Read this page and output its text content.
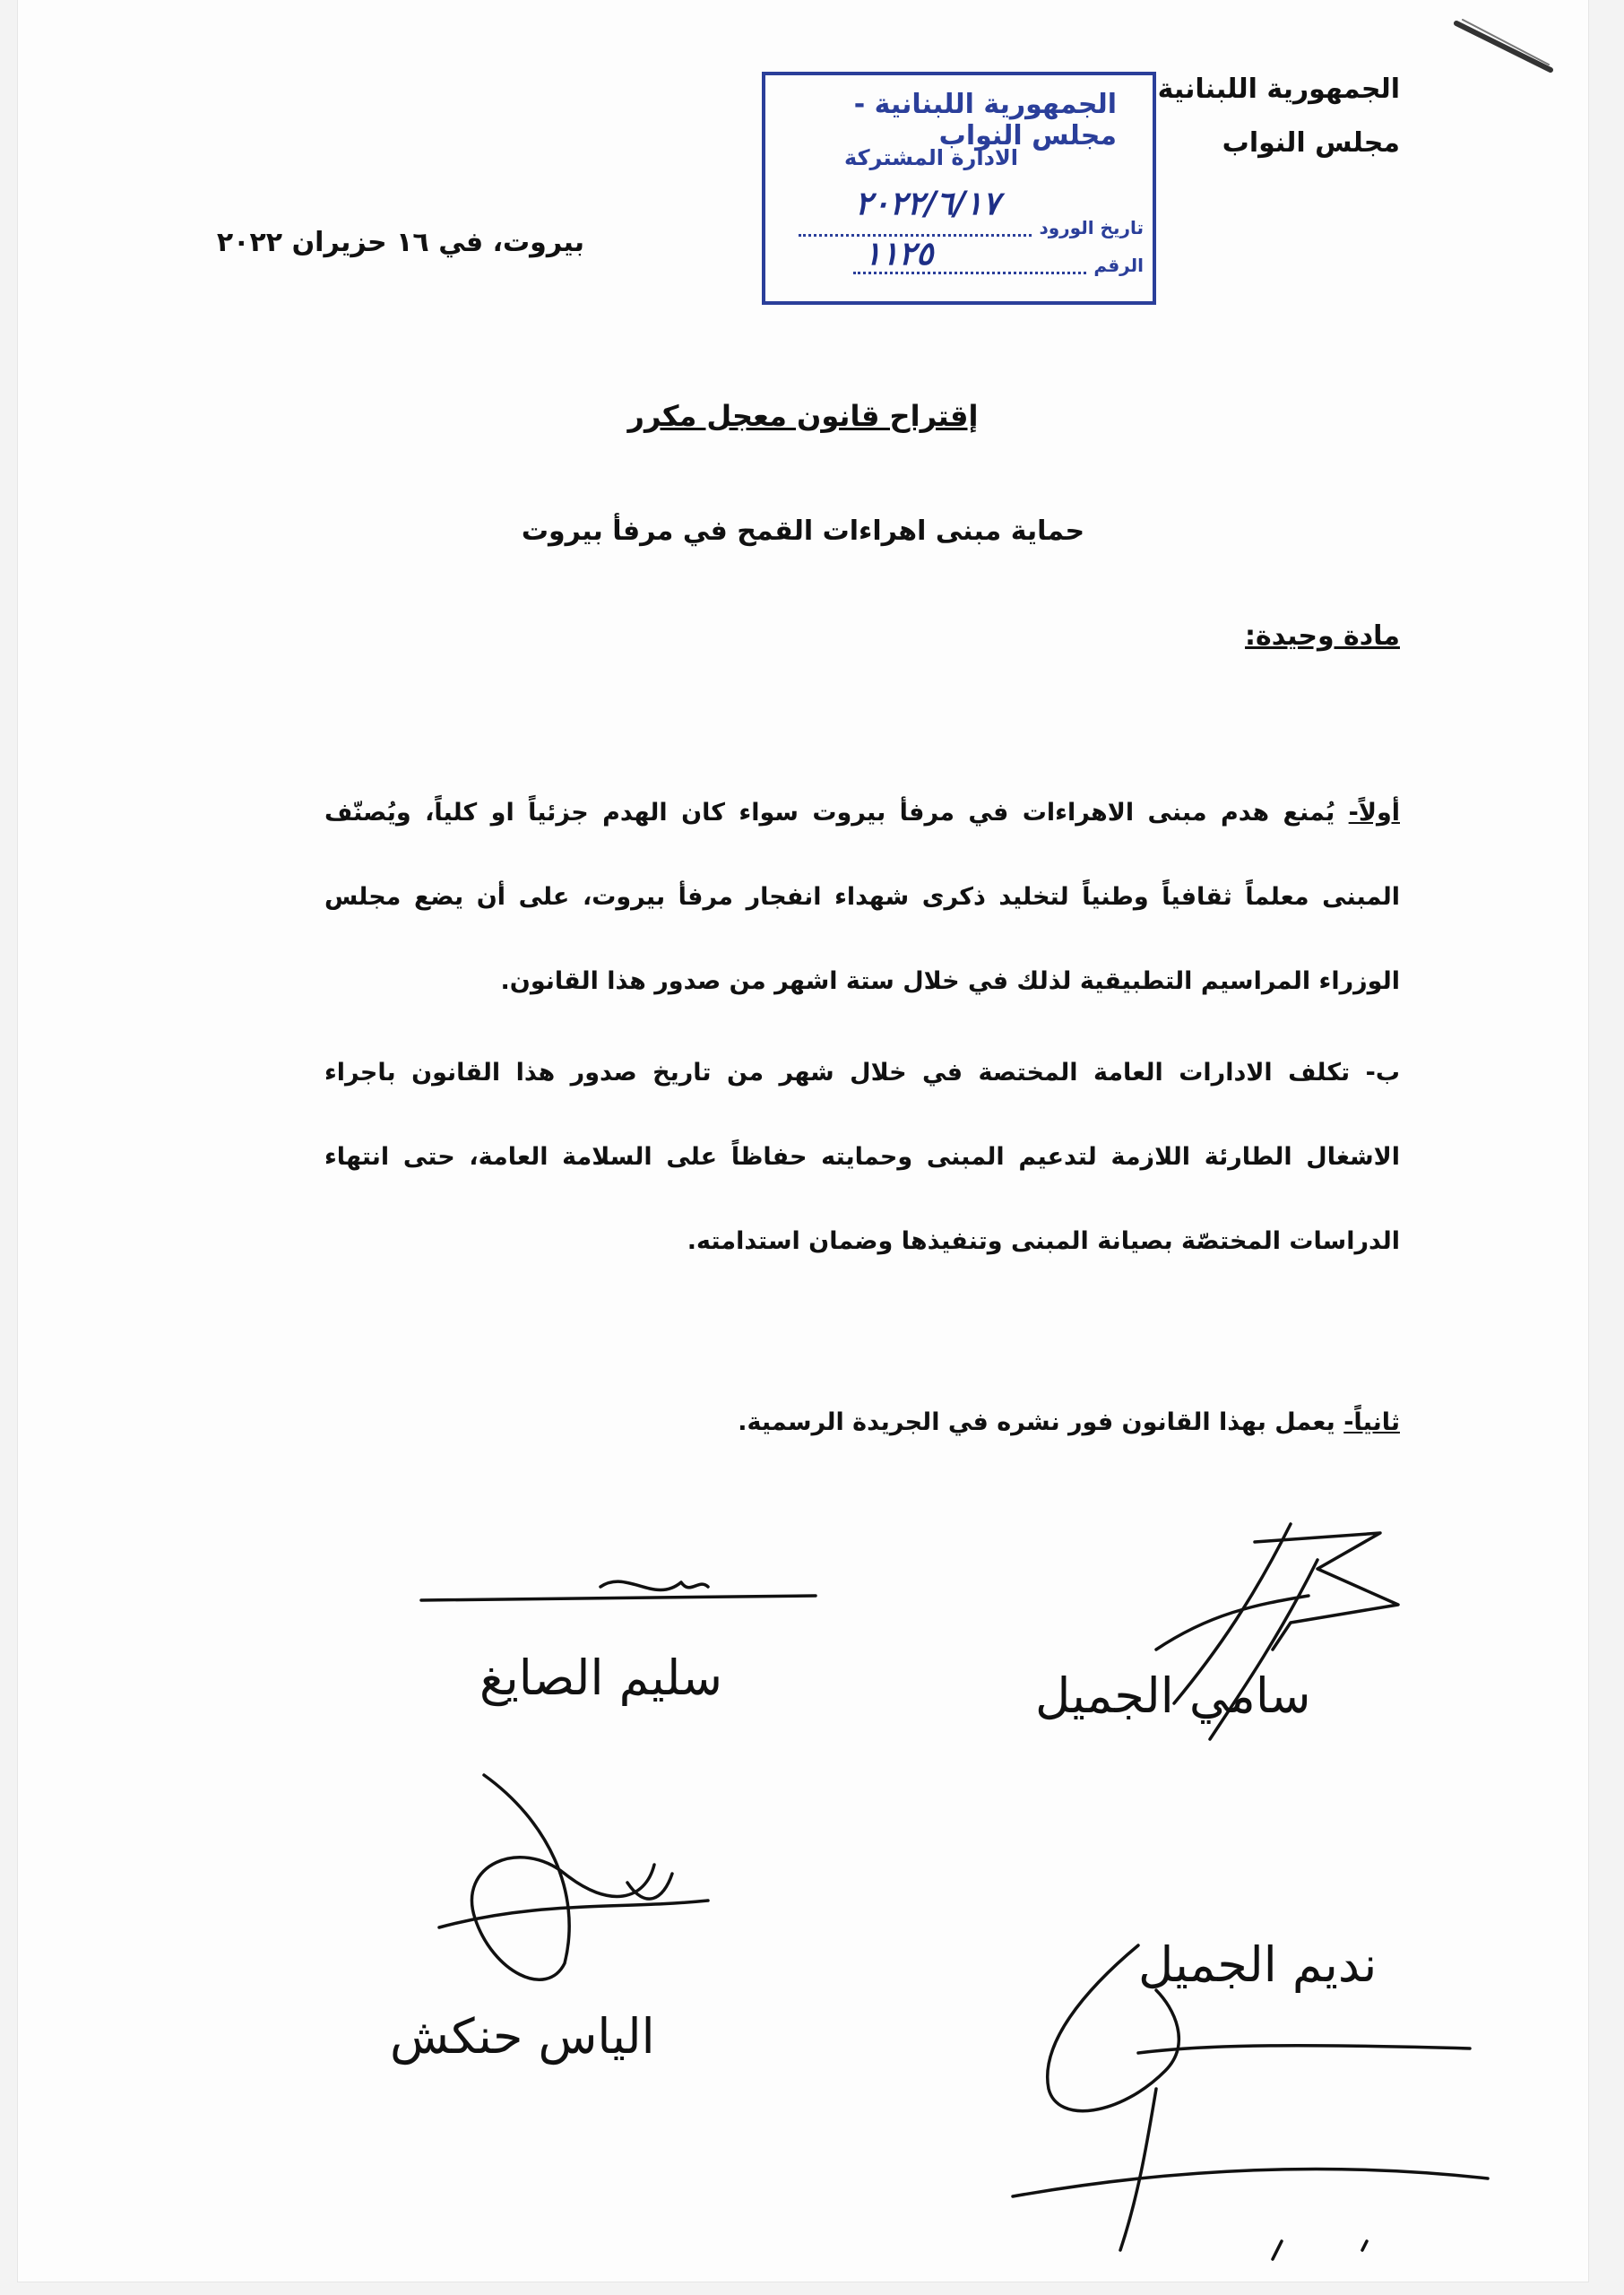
الجمهورية اللبنانية
مجلس النواب
الجمهورية اللبنانية - مجلس النواب
الادارة المشتركة
تاريخ الورود
الرقم
٢٠٢٢/٦/١٧
١١٢٥
بيروت، في ١٦ حزيران ٢٠٢٢
إقتراح قانون معجل مكرر
حماية مبنى اهراءات القمح في مرفأ بيروت
مادة وحيدة:
أولاً- يُمنع هدم مبنى الاهراءات في مرفأ بيروت سواء كان الهدم جزئياً او كلياً، ويُصنّف المبنى معلماً ثقافياً وطنياً لتخليد ذكرى شهداء انفجار مرفأ بيروت، على أن يضع مجلس الوزراء المراسيم التطبيقية لذلك في خلال ستة اشهر من صدور هذا القانون.
ب- تكلف الادارات العامة المختصة في خلال شهر من تاريخ صدور هذا القانون باجراء الاشغال الطارئة اللازمة لتدعيم المبنى وحمايته حفاظاً على السلامة العامة، حتى انتهاء الدراسات المختصّة بصيانة المبنى وتنفيذها وضمان استدامته.
ثانياً- يعمل بهذا القانون فور نشره في الجريدة الرسمية.
سامي الجميل
سليم الصايغ
نديم الجميل
الياس حنكش
